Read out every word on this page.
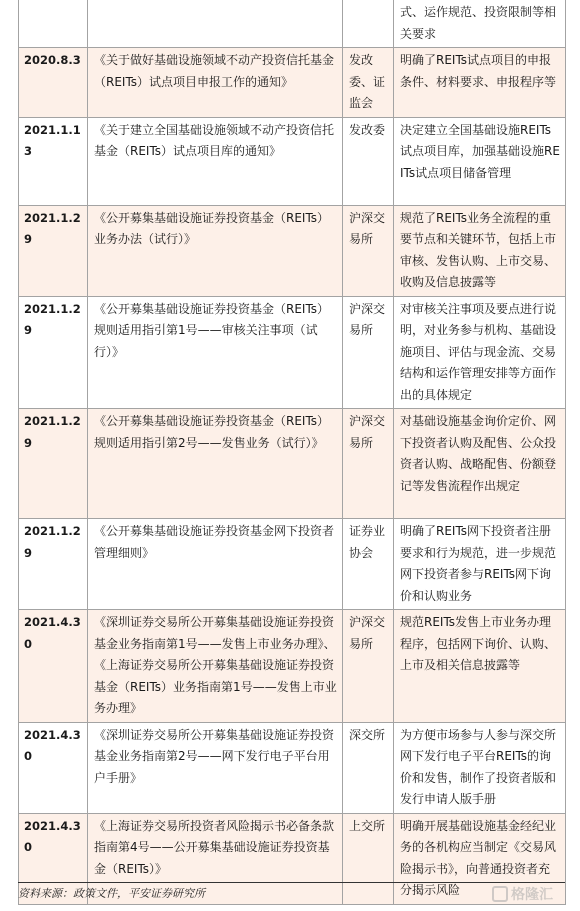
			式、运作规范、投资限制等相关要求
2020.8.3	《关于做好基础设施领域不动产投资信托基金（REITs）试点项目申报工作的通知》	发改委、证监会	明确了REITs试点项目的申报条件、材料要求、申报程序等
2021.1.13	《关于建立全国基础设施领域不动产投资信托基金（REITs）试点项目库的通知》	发改委	决定建立全国基础设施REITs试点项目库，加强基础设施REITs试点项目储备管理
2021.1.29	《公开募集基础设施证券投资基金（REITs）业务办法（试行）》	沪深交易所	规范了REITs业务全流程的重要节点和关键环节，包括上市审核、发售认购、上市交易、收购及信息披露等
2021.1.29	《公开募集基础设施证券投资基金（REITs）规则适用指引第1号——审核关注事项（试行）》	沪深交易所	对审核关注事项及要点进行说明，对业务参与机构、基础设施项目、评估与现金流、交易结构和运作管理安排等方面作出的具体规定
2021.1.29	《公开募集基础设施证券投资基金（REITs）规则适用指引第2号——发售业务（试行）》	沪深交易所	对基础设施基金询价定价、网下投资者认购及配售、公众投资者认购、战略配售、份额登记等发售流程作出规定
2021.1.29	《公开募集基础设施证券投资基金网下投资者管理细则》	证券业协会	明确了REITs网下投资者注册要求和行为规范，进一步规范网下投资者参与REITs网下询价和认购业务
2021.4.30	《深圳证券交易所公开募集基础设施证券投资基金业务指南第1号——发售上市业务办理》、《上海证券交易所公开募集基础设施证券投资基金（REITs）业务指南第1号——发售上市业务办理》	沪深交易所	规范REITs发售上市业务办理程序，包括网下询价、认购、上市及相关信息披露等
2021.4.30	《深圳证券交易所公开募集基础设施证券投资基金业务指南第2号——网下发行电子平台用户手册》	深交所	为方便市场参与人参与深交所网下发行电子平台REITs的询价和发售，制作了投资者版和发行申请人版手册
2021.4.30	《上海证券交易所投资者风险揭示书必备条款指南第4号——公开募集基础设施证券投资基金（REITs）》	上交所	明确开展基础设施基金经纪业务的各机构应当制定《交易风险揭示书》，向普通投资者充分揭示风险
资料来源：政策文件，平安证券研究所	格隆汇
